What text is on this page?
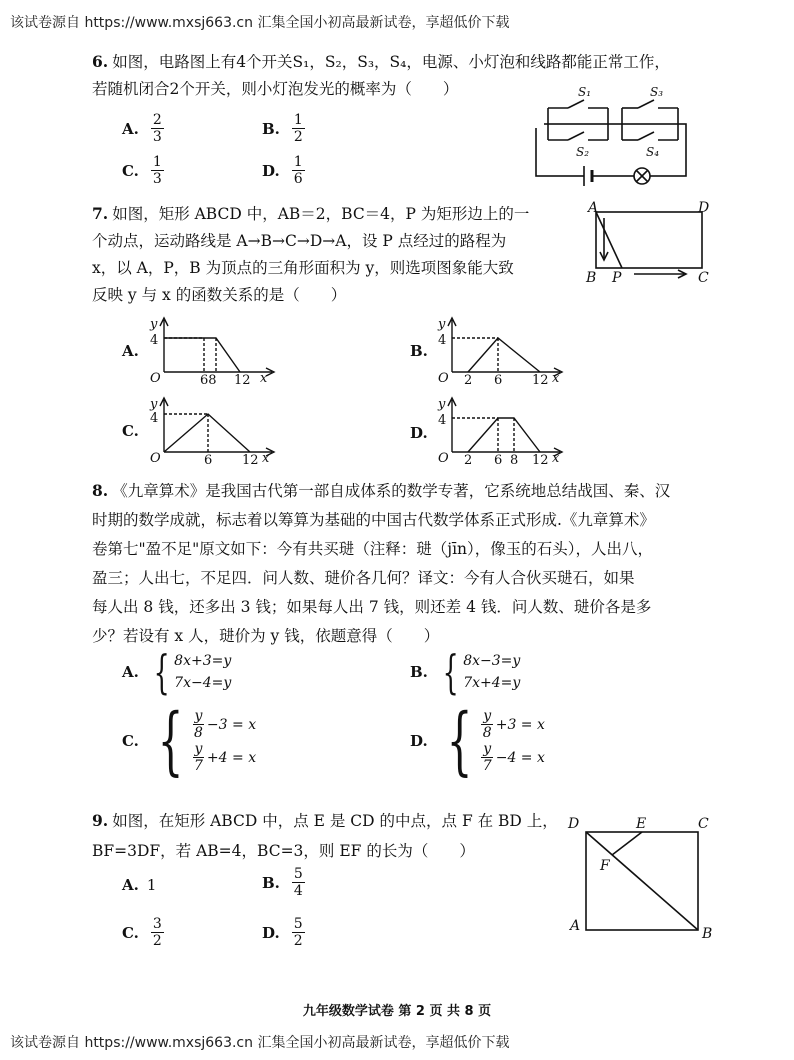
该试卷源自 https://www.mxsj663.cn 汇集全国小初高最新试卷，享超低价下载
该试卷源自 https://www.mxsj663.cn 汇集全国小初高最新试卷，享超低价下载
6. 如图，电路图上有4个开关S₁，S₂，S₃，S₄，电源、小灯泡和线路都能正常工作，
若随机闭合2个开关，则小灯泡发光的概率为（　　）
A. $\frac{2}{3}$	B. $\frac{1}{2}$
C. $\frac{1}{3}$	D. $\frac{1}{6}$
S₁	S₃
S₂	S₄
7. 如图，矩形 ABCD 中，AB＝2，BC＝4，P 为矩形边上的一
个动点，运动路线是 A→B→C→D→A，设 P 点经过的路程为
x，以 A，P，B 为顶点的三角形面积为 y，则选项图象能大致
反映 y 与 x 的函数关系的是（　　）
A	D
B P	C
A.
y
4
O	68 12 x
B.
y
4
O 2 6 12 x
C.
y
4
O	6 12 x
D.
y
4
O 2 6 8 12 x
8. 《九章算术》是我国古代第一部自成体系的数学专著，它系统地总结战国、秦、汉
时期的数学成就，标志着以筹算为基础的中国古代数学体系正式形成.《九章算术》
卷第七"盈不足"原文如下：今有共买琎（注释：琎（jīn），像玉的石头），人出八，
盈三；人出七，不足四．问人数、琎价各几何？译文：今有人合伙买琎石，如果
每人出 8 钱，还多出 3 钱；如果每人出 7 钱，则还差 4 钱．问人数、琎价各是多
少？若设有 x 人，琎价为 y 钱，依题意得（　　）
A. { 8x+3=y
7x−4=y
B. { 8x−3=y
7x+4=y
C. { $\frac{y}{8} -3 = x$
$\frac{y}{7} +4 = x$
D. { $\frac{y}{8} +3 = x$
$\frac{y}{7} -4 = x$
9. 如图，在矩形 ABCD 中，点 E 是 CD 的中点，点 F 在 BD 上，
BF=3DF，若 AB=4，BC=3，则 EF 的长为（　　）
A. 1	B. $\frac{5}{4}$
C. $\frac{3}{2}$	D. $\frac{5}{2}$
D	E	C
F
A	B
九年级数学试卷 第 2 页 共 8 页
